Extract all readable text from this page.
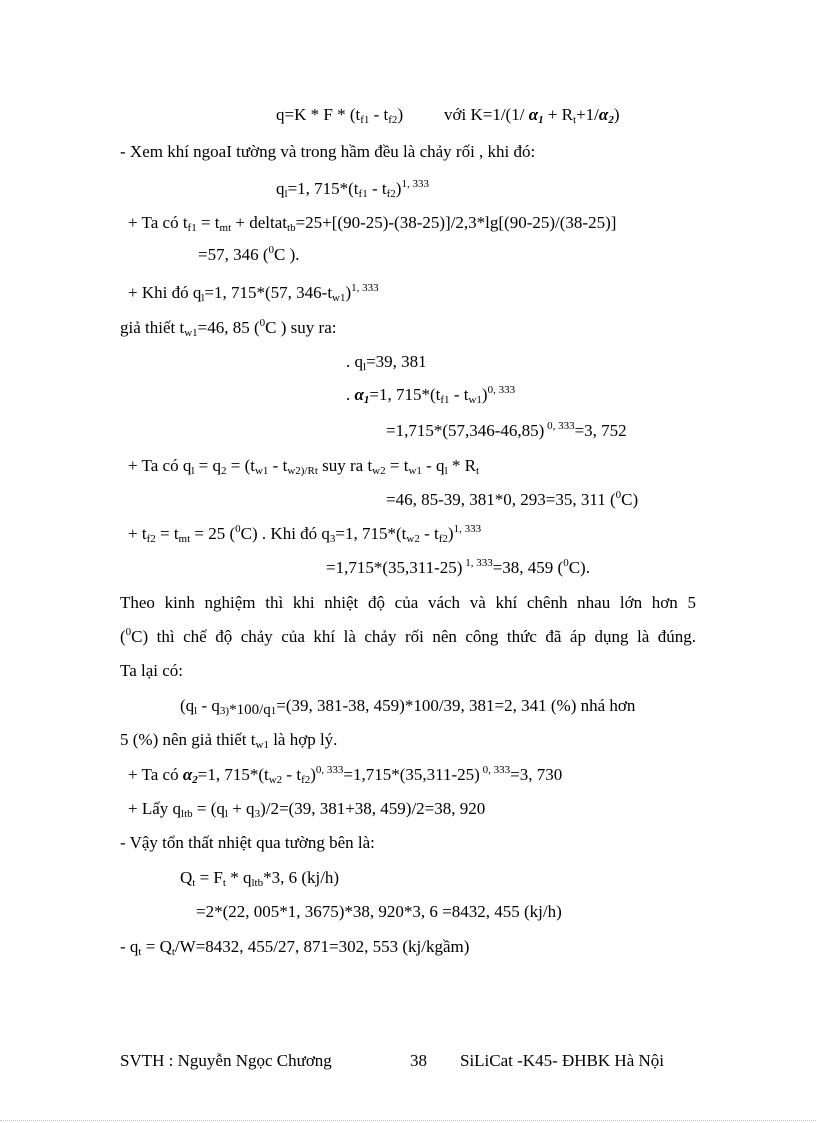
$q=K * F * (t_{f1} - t_{f2})$ với K=1/(1/ $\alpha_1 + R_t+1/\alpha_2$)
- Xem khí ngoaI tường và trong hầm đều là chảy rối , khi đó:
$q_l=1$, $715*(t_{f1} - t_{f2})^{1, 333}$
+ Ta có $t_{f1} = t_{mt}$ + deltat$_{tb}$=25+[(90-25)-(38-25)]/2,3*lg[(90-25)/(38-25)]
=57, 346 ($^0$C ).
+ Khi đó $q_l=1$, 715*(57, $346-t_{w1})^{1, 333}$
giả thiết $t_{w1}=46$, 85 ($^0$C ) suy ra:
. $q_l=39$, 381
. $\alpha_1=1$, $715*(t_{f1} - t_{w1})^{0, 333}$
=1,715*(57,346-46,85) $^{0, 333}$=3, 752
+ Ta có $q_l = q_2 = (t_{w1} - t_{w2)/Rt}$ suy ra $t_{w2} = t_{w1} - q_l * R_t$
=46, 85-39, 381*0, 293=35, 311 ($^0$C)
+ $t_{f2} = t_{mt} = 25$ ($^0$C) . Khi đó $q_3=1$, $715*(t_{w2} - t_{f2})^{1, 333}$
=1,715*(35,311-25) $^{1, 333}$=38, 459 ($^0$C).
Theo kinh nghiệm thì khi nhiệt độ của vách và khí chênh nhau lớn hơn 5
($^0$C) thì chế độ chảy của khí là chảy rối nên công thức đã áp dụng là đúng.
Ta lại có:
($q_l - q_{3)*100/q1}=(39$, 381-38, 459)*100/39, 381=2, 341 (%) nhá hơn
5 (%) nên giả thiết $t_{w1}$ là hợp lý.
+ Ta có $\alpha_2=1$, $715*(t_{w2} - t_{f2})^{0, 333}=1,715*(35,311-25)$ $^{0, 333}$=3, 730
+ Lấy $q_{ltb} = (q_l + q_3)/2=(39$, 381+38, 459)/2=38, 920
- Vậy tổn thất nhiệt qua tường bên là:
$Q_t = F_t * q_{ltb}*3$, 6 (kj/h)
=2*(22, 005*1, 3675)*38, 920*3, 6 =8432, 455 (kj/h)
- $q_t = Q_t/W=8432$, 455/27, 871=302, 553 (kj/kgầm)
SVTH : Nguyễn Ngọc Chương	38 SiLiCat -K45- ĐHBK Hà Nội
